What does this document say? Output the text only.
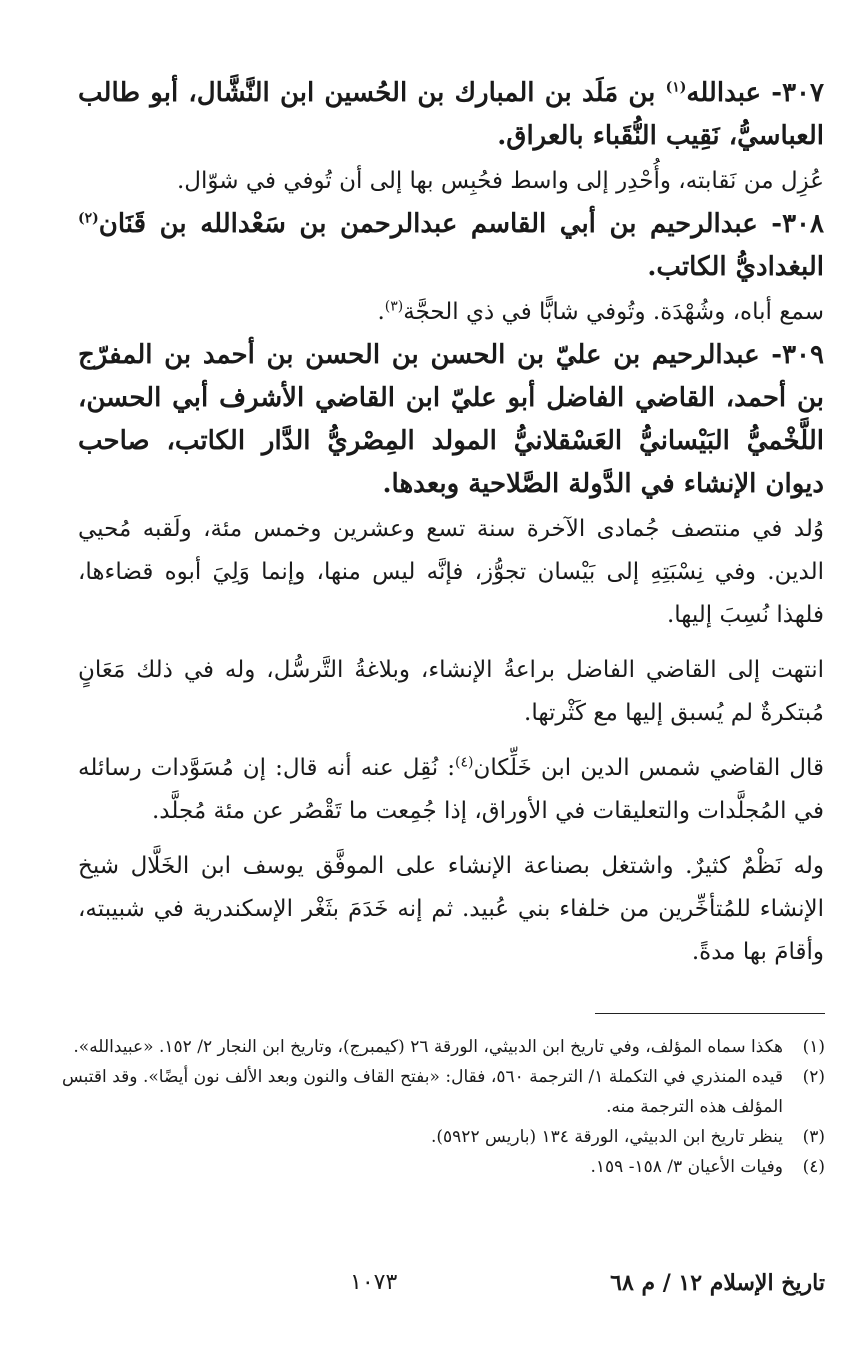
٣٠٧- عبدالله$^{(١)}$ بن مَلَد بن المبارك بن الحُسين ابن النَّشَّال، أبو طالب العباسيُّ، نَقِيب النُّقَباء بالعراق.

عُزِل من نَقابته، وأُحْدِر إلى واسط فحُبِس بها إلى أن تُوفي في شوّال.

٣٠٨- عبدالرحيم بن أبي القاسم عبدالرحمن بن سَعْدالله بن قَنَان$^{(٢)}$ البغداديُّ الكاتب.

سمع أباه، وشُهْدَة. وتُوفي شابًّا في ذي الحجَّة$^{(٣)}$.

٣٠٩- عبدالرحيم بن عليّ بن الحسن بن الحسن بن أحمد بن المفرّج بن أحمد، القاضي الفاضل أبو عليّ ابن القاضي الأشرف أبي الحسن، اللَّخْميُّ البَيْسانيُّ العَسْقلانيُّ المولد المِصْريُّ الدَّار الكاتب، صاحب ديوان الإنشاء في الدَّولة الصَّلاحية وبعدها.

وُلد في منتصف جُمادى الآخرة سنة تسع وعشرين وخمس مئة، ولَقبه مُحيي الدين. وفي نِسْبَتِهِ إلى بَيْسان تجوُّز، فإنَّه ليس منها، وإنما وَلِيَ أبوه قضاءها، فلهذا نُسِبَ إليها.

انتهت إلى القاضي الفاضل براعةُ الإنشاء، وبلاغةُ التَّرسُّل، وله في ذلك مَعَانٍ مُبتكرةٌ لم يُسبق إليها مع كَثْرتها.

قال القاضي شمس الدين ابن خَلِّكان$^{(٤)}$: نُقِل عنه أنه قال: إن مُسَوَّدات رسائله في المُجلَّدات والتعليقات في الأوراق، إذا جُمِعت ما تَقْصُر عن مئة مُجلَّد.

وله نَظْمٌ كثيرٌ. واشتغل بصناعة الإنشاء على الموفَّق يوسف ابن الخَلَّال شيخ الإنشاء للمُتأخِّرين من خلفاء بني عُبيد. ثم إنه خَدَمَ بثَغْر الإسكندرية في شبيبته، وأقامَ بها مدةً.

(١)
هكذا سماه المؤلف، وفي تاريخ ابن الدبيثي، الورقة ٢٦ (كيمبرج)، وتاريخ ابن النجار ٢/ ١٥٢. «عبيدالله».
(٢)
قيده المنذري في التكملة ١/ الترجمة ٥٦٠، فقال: «بفتح القاف والنون وبعد الألف نون أيضًا». وقد اقتبس المؤلف هذه الترجمة منه.
(٣)
ينظر تاريخ ابن الدبيثي، الورقة ١٣٤ (باريس ٥٩٢٢).
(٤)
وفيات الأعيان ٣/ ١٥٨- ١٥٩.
تاريخ الإسلام ١٢ / م ٦٨
١٠٧٣
